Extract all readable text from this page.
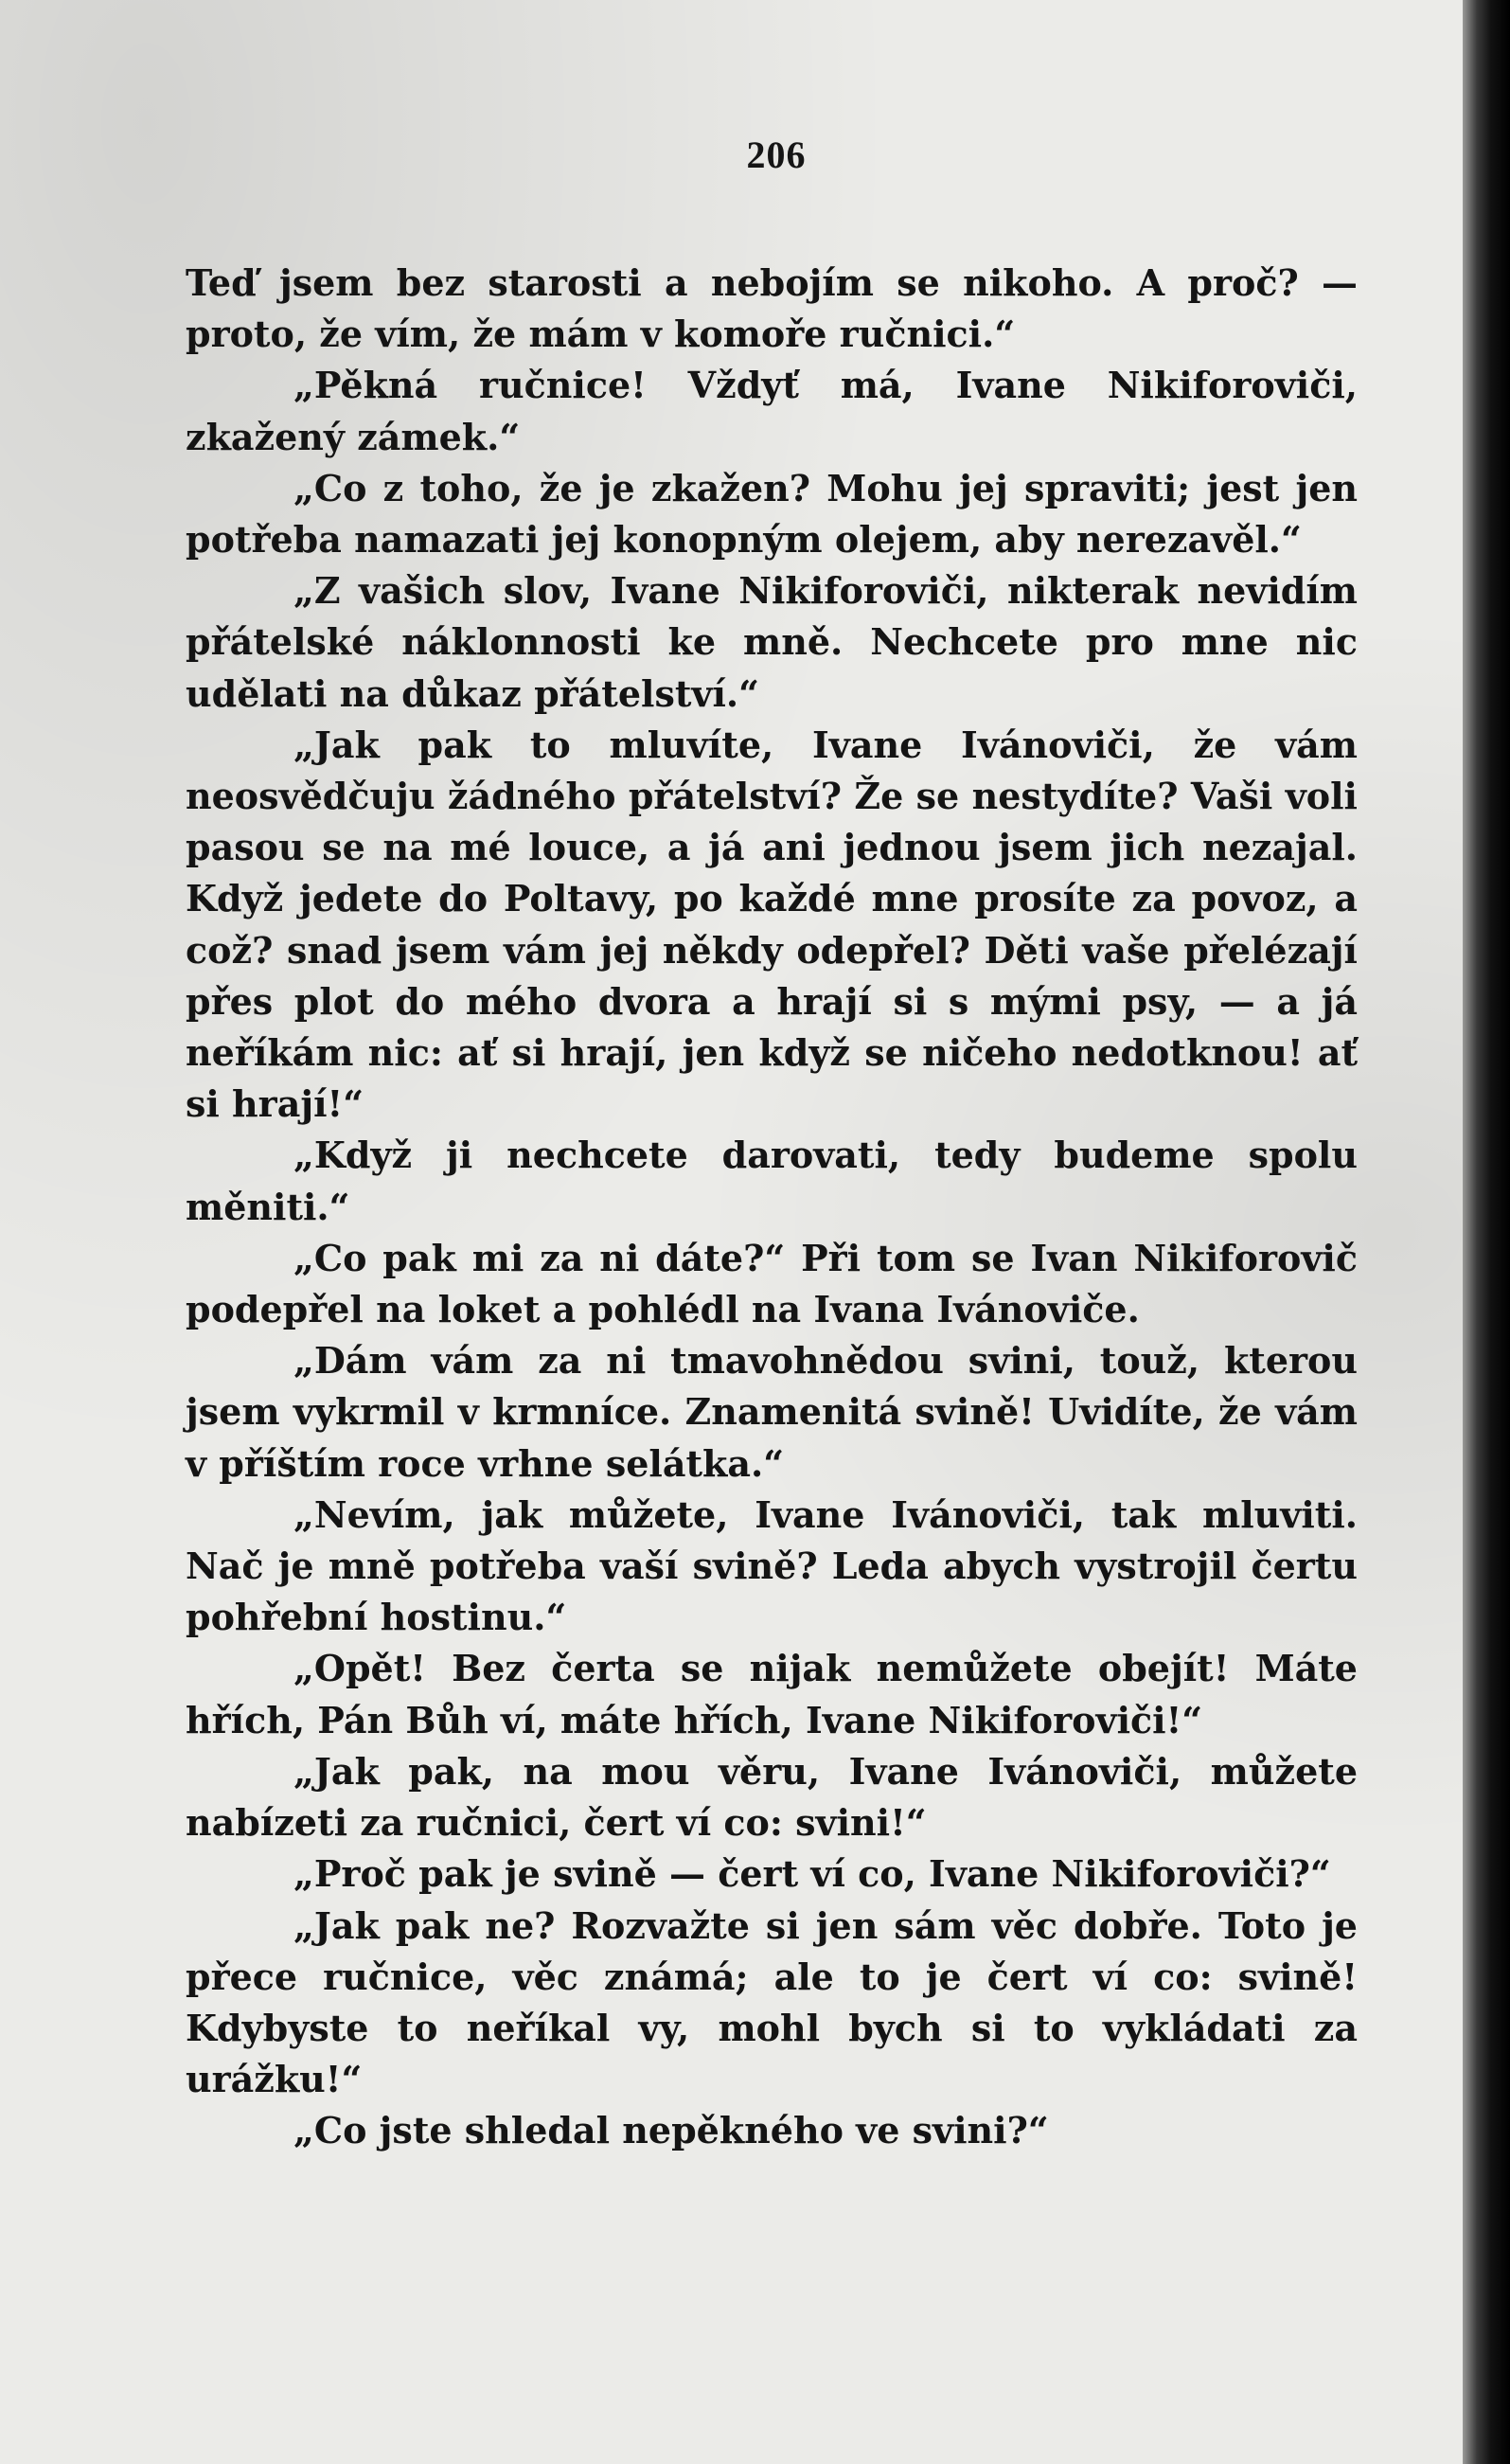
206

Teď jsem bez starosti a nebojím se nikoho. A proč? — proto, že vím, že mám v komoře ručnici.“

„Pěkná ručnice! Vždyť má, Ivane Nikiforoviči, zkažený zámek.“

„Co z toho, že je zkažen? Mohu jej spraviti; jest jen potřeba namazati jej konopným olejem, aby nerezavěl.“

„Z vašich slov, Ivane Nikiforoviči, nikterak nevidím přátelské náklonnosti ke mně. Nechcete pro mne nic udělati na důkaz přátelství.“

„Jak pak to mluvíte, Ivane Ivánoviči, že vám neosvědčuju žádného přátelství? Že se nestydíte? Vaši voli pasou se na mé louce, a já ani jednou jsem jich nezajal. Když jedete do Poltavy, po každé mne prosíte za povoz, a což? snad jsem vám jej někdy odepřel? Děti vaše přelézají přes plot do mého dvora a hrají si s mými psy, — a já neříkám nic: ať si hrají, jen když se ničeho nedotknou! ať si hrají!“

„Když ji nechcete darovati, tedy budeme spolu měniti.“

„Co pak mi za ni dáte?“ Při tom se Ivan Nikiforovič podepřel na loket a pohlédl na Ivana Ivánoviče.

„Dám vám za ni tmavohnědou svini, touž, kterou jsem vykrmil v krmníce. Znamenitá svině! Uvidíte, že vám v příštím roce vrhne selátka.“

„Nevím, jak můžete, Ivane Ivánoviči, tak mluviti. Nač je mně potřeba vaší svině? Leda abych vystrojil čertu pohřební hostinu.“

„Opět! Bez čerta se nijak nemůžete obejít! Máte hřích, Pán Bůh ví, máte hřích, Ivane Nikiforoviči!“

„Jak pak, na mou věru, Ivane Ivánoviči, můžete nabízeti za ručnici, čert ví co: svini!“

„Proč pak je svině — čert ví co, Ivane Nikiforoviči?“

„Jak pak ne? Rozvažte si jen sám věc dobře. Toto je přece ručnice, věc známá; ale to je čert ví co: svině! Kdybyste to neříkal vy, mohl bych si to vykládati za urážku!“

„Co jste shledal nepěkného ve svini?“
